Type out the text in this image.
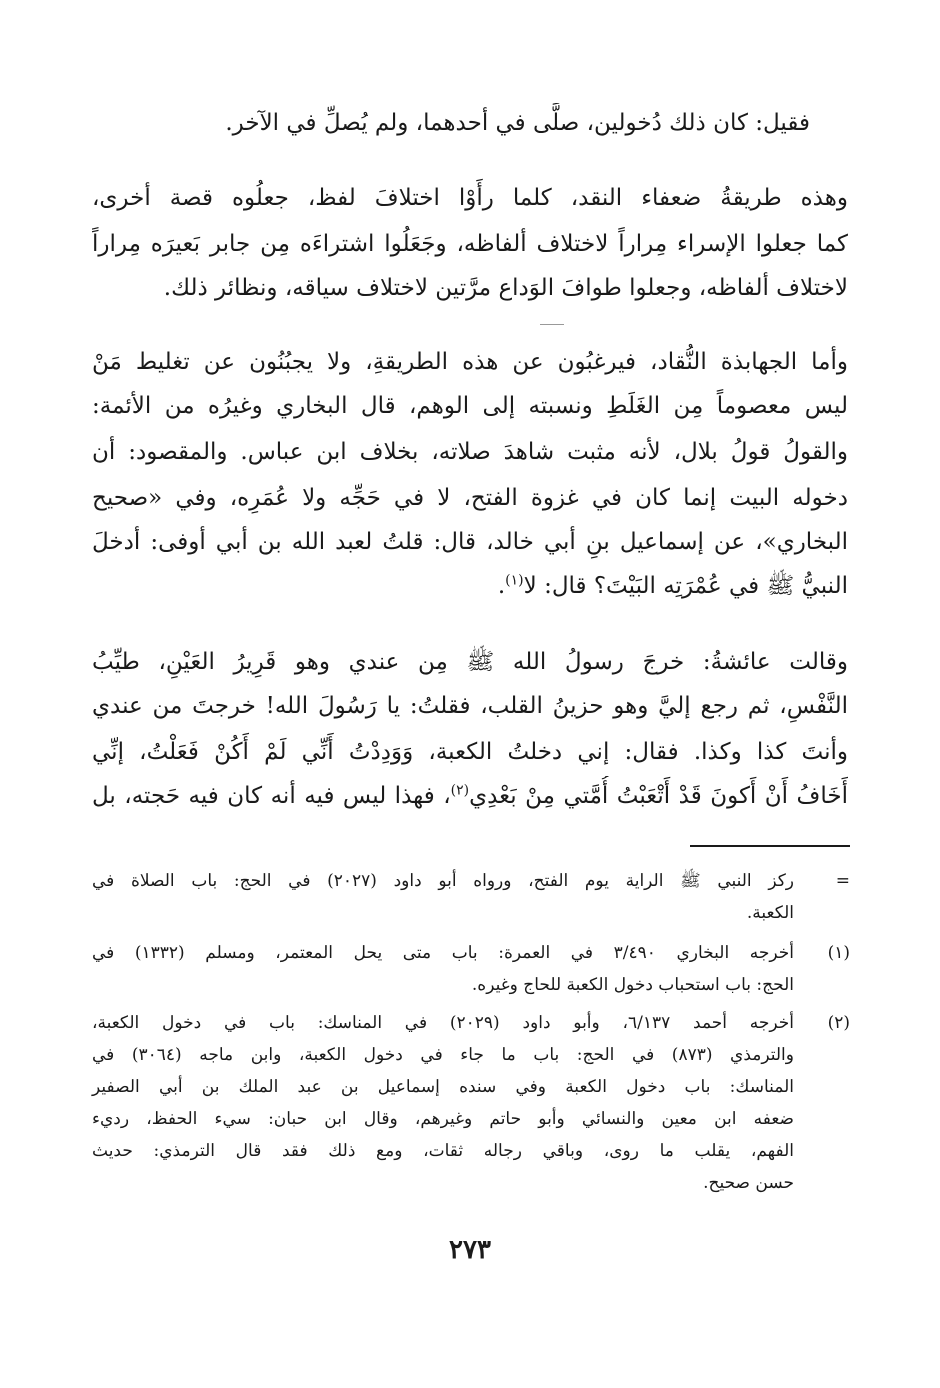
فقيل: كان ذلك دُخولين، صلَّى في أحدهما، ولم يُصلِّ في الآخر.
وهذه طريقةُ ضعفاء النقد، كلما رأَوْا اختلافَ لفظ، جعلُوه قصة أخرى،
كما جعلوا الإسراء مِراراً لاختلاف ألفاظه، وجَعَلُوا اشتراءَه مِن جابر بَعيرَه مِراراً
لاختلاف ألفاظه، وجعلوا طوافَ الوَداع مرَّتين لاختلاف سياقه، ونظائر ذلك.
وأما الجهابذة النُّقاد، فيرغبُون عن هذه الطريقةِ، ولا يجبُنُون عن تغليط مَنْ
ليس معصوماً مِن الغَلَطِ ونسبته إلى الوهم، قال البخاري وغيرُه من الأئمة:
والقولُ قولُ بلال، لأنه مثبت شاهدَ صلاته، بخلاف ابن عباس. والمقصود: أن
دخوله البيت إنما كان في غزوة الفتح، لا في حَجِّه ولا عُمَرِه، وفي «صحيح
البخاري»، عن إسماعيل بنِ أبي خالد، قال: قلتُ لعبد الله بن أبي أوفى: أدخلَ
النبيُّ ﷺ في عُمْرَتِه البَيْتَ؟ قال: لا$^{(١)}$.
وقالت عائشةُ: خرجَ رسولُ الله ﷺ مِن عندي وهو قَرِيرُ العَيْنِ، طيِّبُ
النَّفْسِ، ثم رجع إليَّ وهو حزينُ القلب، فقلتُ: يا رَسُولَ الله! خرجتَ من عندي
وأنتَ كذا وكذا. فقال: إني دخلتُ الكعبة، وَوَدِدْتُ أَنِّي لَمْ أَكُنْ فَعَلْتُ، إنِّي
أَخَافُ أَنْ أَكونَ قَدْ أَتْعَبْتُ أُمَّتي مِنْ بَعْدِي$^{(٢)}$، فهذا ليس فيه أنه كان فيه حَجته، بل
=
ركز النبي ﷺ الراية يوم الفتح، ورواه أبو داود (٢٠٢٧) في الحج: باب الصلاة في
الكعبة.
(١)
أخرجه البخاري ٣/٤٩٠ في العمرة: باب متى يحل المعتمر، ومسلم (١٣٣٢) في
الحج: باب استحباب دخول الكعبة للحاج وغيره.
(٢)
أخرجه أحمد ٦/١٣٧، وأبو داود (٢٠٢٩) في المناسك: باب في دخول الكعبة،
والترمذي (٨٧٣) في الحج: باب ما جاء في دخول الكعبة، وابن ماجه (٣٠٦٤) في
المناسك: باب دخول الكعبة وفي سنده إسماعيل بن عبد الملك بن أبي الصفير
ضعفه ابن معين والنسائي وأبو حاتم وغيرهم، وقال ابن حبان: سيء الحفظ، رديء
الفهم، يقلب ما روى، وباقي رجاله ثقات، ومع ذلك فقد قال الترمذي: حديث
حسن صحيح.
٢٧٣
